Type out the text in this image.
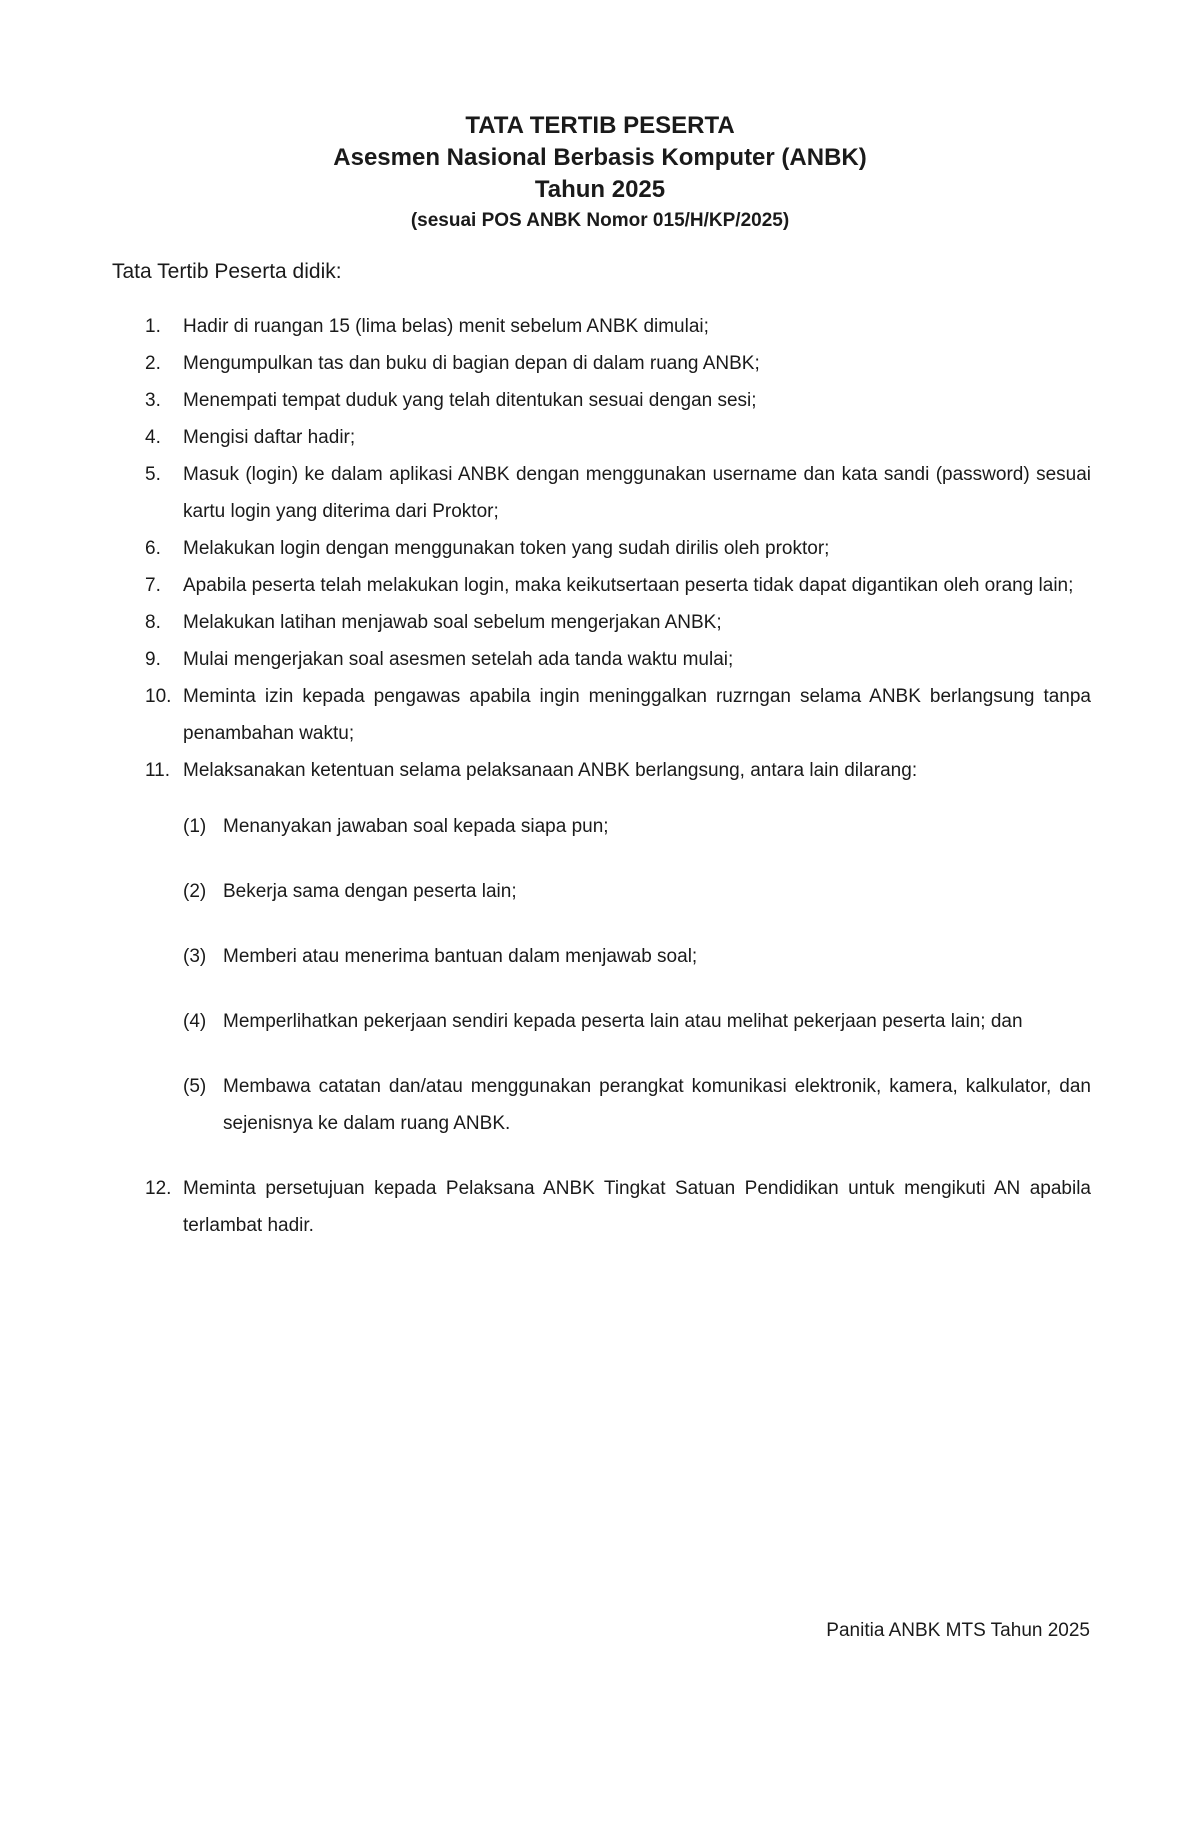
TATA TERTIB PESERTA
Asesmen Nasional Berbasis Komputer (ANBK)
Tahun 2025
(sesuai POS ANBK Nomor 015/H/KP/2025)
Tata Tertib Peserta didik:
1. Hadir di ruangan 15 (lima belas) menit sebelum ANBK dimulai;
2. Mengumpulkan tas dan buku di bagian depan di dalam ruang ANBK;
3. Menempati tempat duduk yang telah ditentukan sesuai dengan sesi;
4. Mengisi daftar hadir;
5. Masuk (login) ke dalam aplikasi ANBK dengan menggunakan username dan kata sandi (password) sesuai kartu login yang diterima dari Proktor;
6. Melakukan login dengan menggunakan token yang sudah dirilis oleh proktor;
7. Apabila peserta telah melakukan login, maka keikutsertaan peserta tidak dapat digantikan oleh orang lain;
8. Melakukan latihan menjawab soal sebelum mengerjakan ANBK;
9. Mulai mengerjakan soal asesmen setelah ada tanda waktu mulai;
10. Meminta izin kepada pengawas apabila ingin meninggalkan ruzrngan selama ANBK berlangsung tanpa penambahan waktu;
11. Melaksanakan ketentuan selama pelaksanaan ANBK berlangsung, antara lain dilarang:
(1) Menanyakan jawaban soal kepada siapa pun;
(2) Bekerja sama dengan peserta lain;
(3) Memberi atau menerima bantuan dalam menjawab soal;
(4) Memperlihatkan pekerjaan sendiri kepada peserta lain atau melihat pekerjaan peserta lain; dan
(5) Membawa catatan dan/atau menggunakan perangkat komunikasi elektronik, kamera, kalkulator, dan sejenisnya ke dalam ruang ANBK.
12. Meminta persetujuan kepada Pelaksana ANBK Tingkat Satuan Pendidikan untuk mengikuti AN apabila terlambat hadir.
Panitia ANBK MTS Tahun 2025
